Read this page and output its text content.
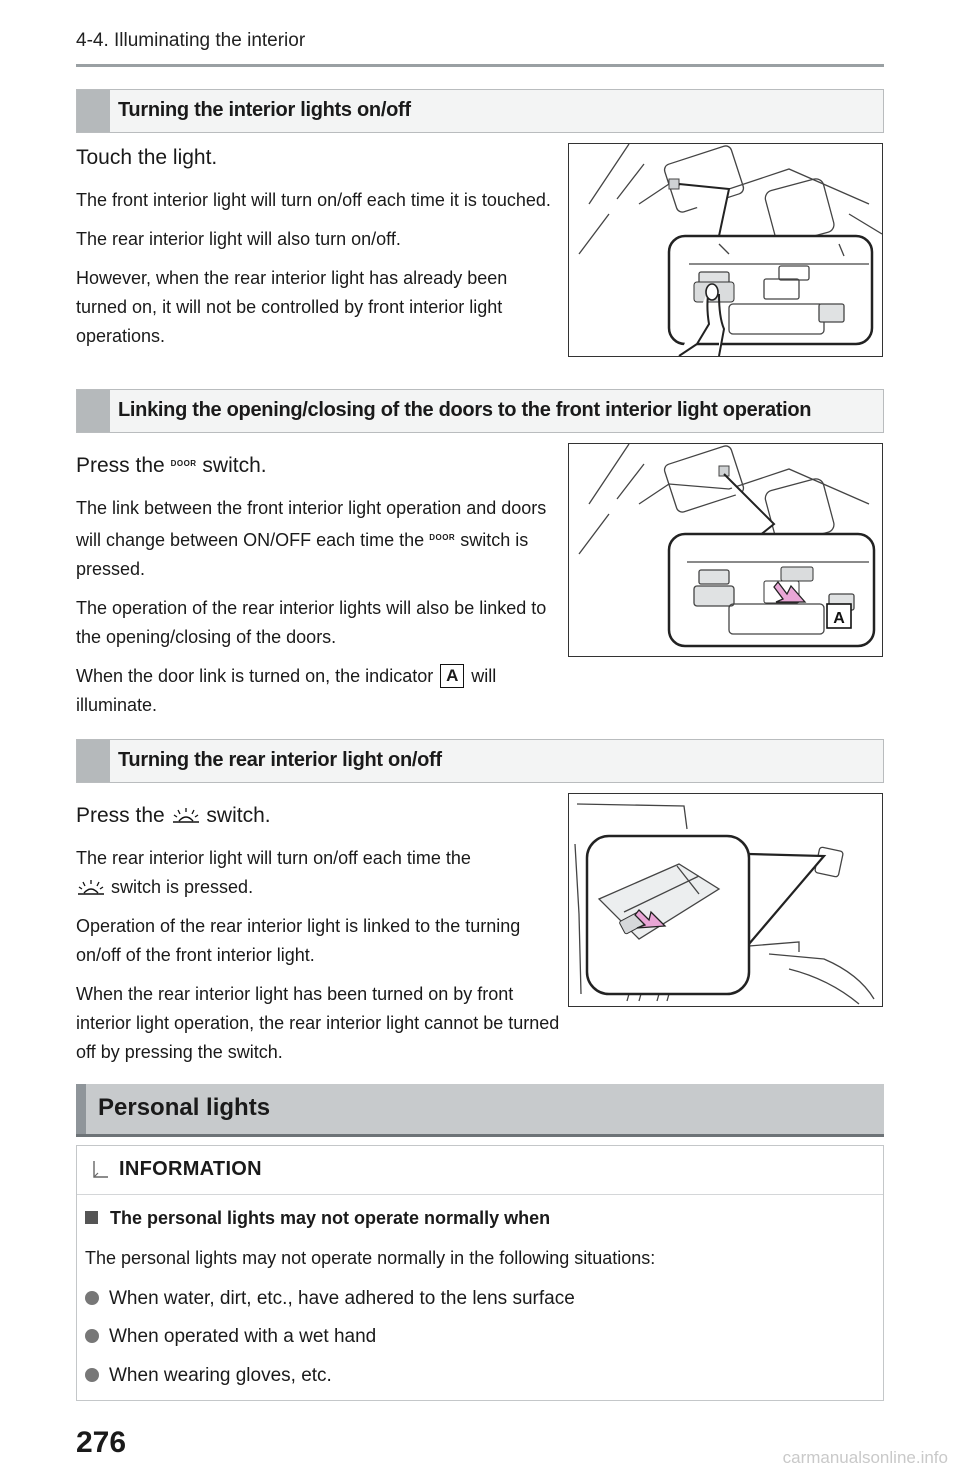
4-4. Illuminating the interior
Turning the interior lights on/off
Touch the light.

The front interior light will turn on/off each time it is touched.

The rear interior light will also turn on/off.

However, when the rear interior light has already been turned on, it will not be controlled by front interior light operations.

Linking the opening/closing of the doors to the front interior light operation
Press the $^{DOOR}$ switch.

The link between the front interior light operation and doors will change between ON/OFF each time the $^{DOOR}$ switch is pressed.

The operation of the rear interior lights will also be linked to the opening/closing of the doors.

When the door link is turned on, the indicator A will illuminate.

A
Turning the rear interior light on/off
Press the switch.

The rear interior light will turn on/off each time the
switch is pressed.

Operation of the rear interior light is linked to the turning on/off of the front interior light.

When the rear interior light has been turned on by front interior light operation, the rear interior light cannot be turned off by pressing the switch.

Personal lights
INFORMATION
The personal lights may not operate normally when
The personal lights may not operate normally in the following situations:
When water, dirt, etc., have adhered to the lens surface
When operated with a wet hand
When wearing gloves, etc.
276	carmanualsonline.info
